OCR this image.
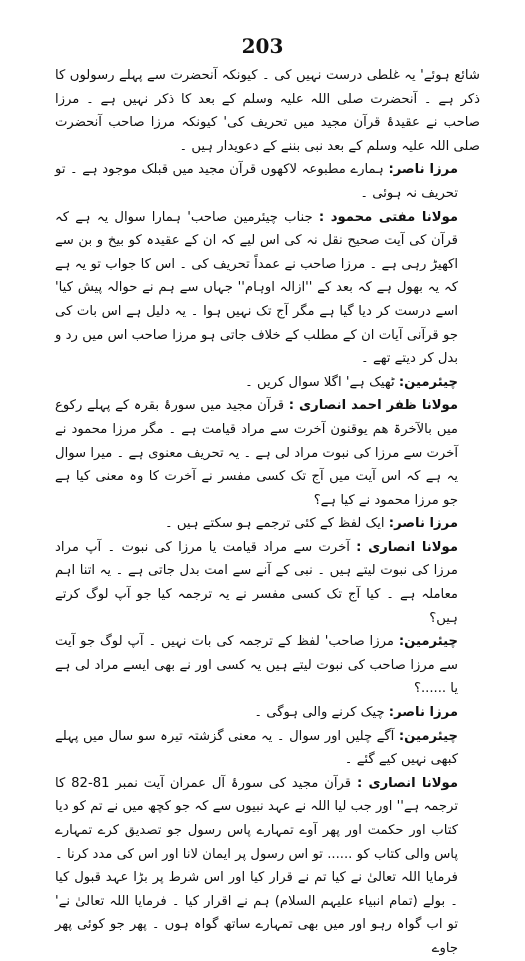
203

شائع ہوئے' یہ غلطی درست نہیں کی ۔ کیونکہ آنحضرت سے پہلے رسولوں کا ذکر ہے ۔ آنحضرت صلی اللہ علیہ وسلم کے بعد کا ذکر نہیں ہے ۔ مرزا صاحب نے عقیدۂ قرآن مجید میں تحریف کی' کیونکہ مرزا صاحب آنحضرت صلی اللہ علیہ وسلم کے بعد نبی بننے کے دعویدار ہیں ۔

مرزا ناصر: ہمارے مطبوعہ لاکھوں قرآن مجید میں قبلک موجود ہے ۔ تو تحریف نہ ہوئی ۔

مولانا مفتی محمود : جناب چیئرمین صاحب' ہمارا سوال یہ ہے کہ قرآن کی آیت صحیح نقل نہ کی اس لیے کہ ان کے عقیدہ کو بیخ و بن سے اکھیڑ رہی ہے ۔ مرزا صاحب نے عمداً تحریف کی ۔ اس کا جواب تو یہ ہے کہ یہ بھول ہے کہ بعد کے ''ازالہ اوہام'' جہاں سے ہم نے حوالہ پیش کیا' اسے درست کر دیا گیا ہے مگر آج تک نہیں ہوا ۔ یہ دلیل ہے اس بات کی جو قرآنی آیات ان کے مطلب کے خلاف جاتی ہو مرزا صاحب اس میں رد و بدل کر دیتے تھے ۔

چیئرمین: ٹھیک ہے' اگلا سوال کریں ۔

مولانا ظفر احمد انصاری : قرآن مجید میں سورۂ بقرہ کے پہلے رکوع میں بالآخرۃ ھم یوقنون آخرت سے مراد قیامت ہے ۔ مگر مرزا محمود نے آخرت سے مرزا کی نبوت مراد لی ہے ۔ یہ تحریف معنوی ہے ۔ میرا سوال یہ ہے کہ اس آیت میں آج تک کسی مفسر نے آخرت کا وہ معنی کیا ہے جو مرزا محمود نے کیا ہے؟

مرزا ناصر: ایک لفظ کے کئی ترجمے ہو سکتے ہیں ۔

مولانا انصاری : آخرت سے مراد قیامت یا مرزا کی نبوت ۔ آپ مراد مرزا کی نبوت لیتے ہیں ۔ نبی کے آنے سے امت بدل جاتی ہے ۔ یہ اتنا اہم معاملہ ہے ۔ کیا آج تک کسی مفسر نے یہ ترجمہ کیا جو آپ لوگ کرتے ہیں؟

چیئرمین: مرزا صاحب' لفظ کے ترجمہ کی بات نہیں ۔ آپ لوگ جو آیت سے مرزا صاحب کی نبوت لیتے ہیں یہ کسی اور نے بھی ایسے مراد لی ہے یا ......؟

مرزا ناصر: چیک کرنے والی ہوگی ۔

چیئرمین: آگے چلیں اور سوال ۔ یہ معنی گزشتہ تیرہ سو سال میں پہلے کبھی نہیں کیے گئے ۔

مولانا انصاری : قرآن مجید کی سورۂ آل عمران آیت نمبر 81-82 کا ترجمہ ہے'' اور جب لیا اللہ نے عہد نبیوں سے کہ جو کچھ میں نے تم کو دیا کتاب اور حکمت اور پھر آوے تمہارے پاس رسول جو تصدیق کرے تمہارے پاس والی کتاب کو ...... تو اس رسول پر ایمان لانا اور اس کی مدد کرنا ۔ فرمایا اللہ تعالیٰ نے کیا تم نے قرار کیا اور اس شرط پر بڑا عہد قبول کیا ۔ بولے (تمام انبیاء علیہم السلام) ہم نے اقرار کیا ۔ فرمایا اللہ تعالیٰ نے' تو اب گواہ رہو اور میں بھی تمہارے ساتھ گواہ ہوں ۔ پھر جو کوئی پھر جاوے
